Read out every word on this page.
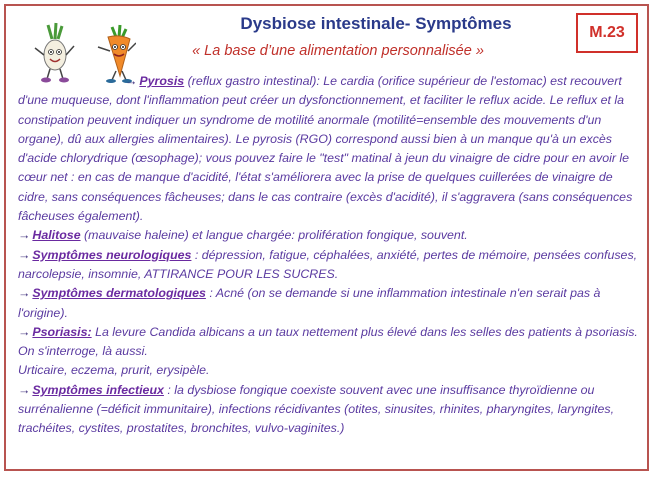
Dysbiose intestinale- Symptômes
« La base d’une alimentation personnalisée »
M.23

→ Pyrosis (reflux gastro intestinal): Le cardia (orifice supérieur de l'estomac) est recouvert d'une muqueuse, dont l'inflammation peut créer un dysfonctionnement, et faciliter le reflux acide. Le reflux et la constipation peuvent indiquer un syndrome de motilité anormale (motilité=ensemble des mouvements d'un organe), dû aux allergies alimentaires). Le pyrosis (RGO) correspond aussi bien à un manque qu'à un excès d'acide chlorydrique (œsophage); vous pouvez faire le "test" matinal à jeun du vinaigre de cidre pour en avoir le cœur net : en cas de manque d'acidité, l'état s'améliorera avec la prise de quelques cuillerées de vinaigre de cidre, sans conséquences fâcheuses; dans le cas contraire (excès d'acidité), il s'aggravera (sans conséquences fâcheuses également).

→ Halitose (mauvaise haleine) et langue chargée: prolifération fongique, souvent.

→ Symptômes neurologiques : dépression, fatigue, céphalées, anxiété, pertes de mémoire, pensées confuses, narcolepsie, insomnie, ATTIRANCE POUR LES SUCRES.

→ Symptômes dermatologiques : Acné (on se demande si une inflammation intestinale n'en serait pas à l'origine).

→ Psoriasis: La levure Candida albicans a un taux nettement plus élevé dans les selles des patients à psoriasis. On s'interroge, là aussi.

Urticaire, eczema, prurit, erysipèle.

→ Symptômes infectieux : la dysbiose fongique coexiste souvent avec une insuffisance thyroïdienne ou surrénalienne (=déficit immunitaire), infections récidivantes (otites, sinusites, rhinites, pharyngites, laryngites, trachéites, cystites, prostatites, bronchites, vulvo-vaginites.)
